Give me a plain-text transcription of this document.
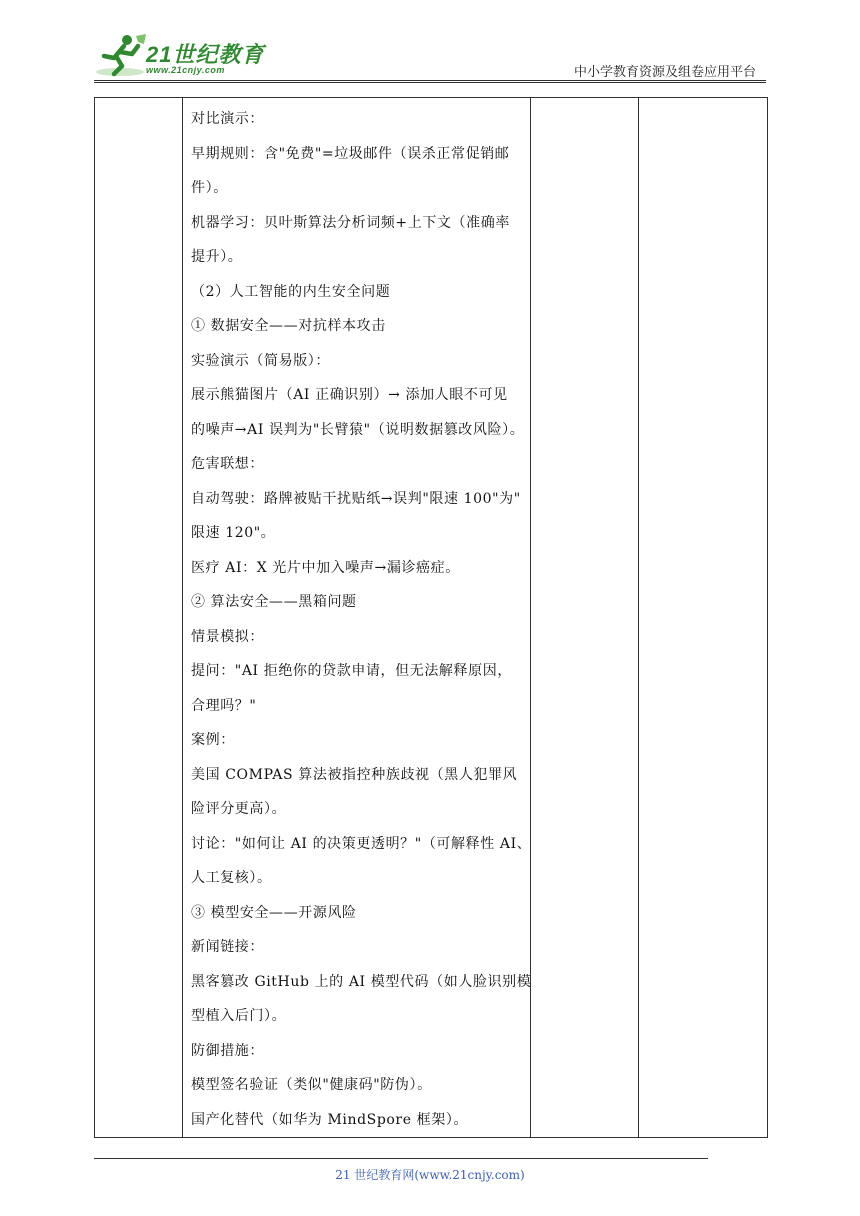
21世纪教育
www.21cnjy.com	中小学教育资源及组卷应用平台

对比演示：
早期规则：含"免费"=垃圾邮件（误杀正常促销邮
件）。
机器学习：贝叶斯算法分析词频+上下文（准确率
提升）。
（2）人工智能的内生安全问题
① 数据安全——对抗样本攻击
实验演示（简易版）：
展示熊猫图片（AI 正确识别）→ 添加人眼不可见
的噪声→AI 误判为"长臂猿"（说明数据篡改风险）。
危害联想：
自动驾驶：路牌被贴干扰贴纸→误判"限速 100"为"
限速 120"。
医疗 AI：X 光片中加入噪声→漏诊癌症。
② 算法安全——黑箱问题
情景模拟：
提问："AI 拒绝你的贷款申请，但无法解释原因，
合理吗？"
案例：
美国 COMPAS 算法被指控种族歧视（黑人犯罪风
险评分更高）。
讨论："如何让 AI 的决策更透明？"（可解释性 AI、
人工复核）。
③ 模型安全——开源风险
新闻链接：
黑客篡改 GitHub 上的 AI 模型代码（如人脸识别模
型植入后门）。
防御措施：
模型签名验证（类似"健康码"防伪）。
国产化替代（如华为 MindSpore 框架）。

21 世纪教育网(www.21cnjy.com)
